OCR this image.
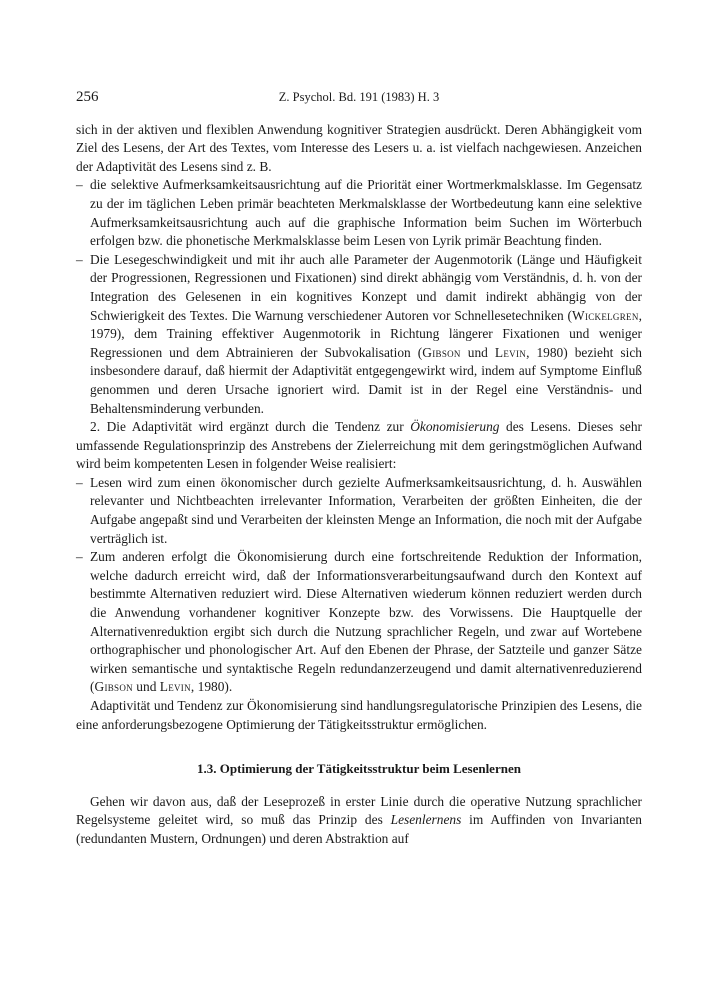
256	Z. Psychol. Bd. 191 (1983) H. 3

sich in der aktiven und flexiblen Anwendung kognitiver Strategien ausdrückt. Deren Abhängigkeit vom Ziel des Lesens, der Art des Textes, vom Interesse des Lesers u. a. ist vielfach nachgewiesen. Anzeichen der Adaptivität des Lesens sind z. B.

– die selektive Aufmerksamkeitsausrichtung auf die Priorität einer Wortmerkmalsklasse. Im Gegensatz zu der im täglichen Leben primär beachteten Merkmalsklasse der Wortbedeutung kann eine selektive Aufmerksamkeitsausrichtung auch auf die graphische Information beim Suchen im Wörterbuch erfolgen bzw. die phonetische Merkmalsklasse beim Lesen von Lyrik primär Beachtung finden.
– Die Lesegeschwindigkeit und mit ihr auch alle Parameter der Augenmotorik (Länge und Häufigkeit der Progressionen, Regressionen und Fixationen) sind direkt abhängig vom Verständnis, d. h. von der Integration des Gelesenen in ein kognitives Konzept und damit indirekt abhängig von der Schwierigkeit des Textes. Die Warnung verschiedener Autoren vor Schnellesetechniken (Wickelgren, 1979), dem Training effektiver Augenmotorik in Richtung längerer Fixationen und weniger Regressionen und dem Abtrainieren der Subvokalisation (Gibson und Levin, 1980) bezieht sich insbesondere darauf, daß hiermit der Adaptivität entgegengewirkt wird, indem auf Symptome Einfluß genommen und deren Ursache ignoriert wird. Damit ist in der Regel eine Verständnis- und Behaltensminderung verbunden.

2. Die Adaptivität wird ergänzt durch die Tendenz zur Ökonomisierung des Lesens. Dieses sehr umfassende Regulationsprinzip des Anstrebens der Zielerreichung mit dem geringstmöglichen Aufwand wird beim kompetenten Lesen in folgender Weise realisiert:

– Lesen wird zum einen ökonomischer durch gezielte Aufmerksamkeitsausrichtung, d. h. Auswählen relevanter und Nichtbeachten irrelevanter Information, Verarbeiten der größten Einheiten, die der Aufgabe angepaßt sind und Verarbeiten der kleinsten Menge an Information, die noch mit der Aufgabe verträglich ist.
– Zum anderen erfolgt die Ökonomisierung durch eine fortschreitende Reduktion der Information, welche dadurch erreicht wird, daß der Informationsverarbeitungsaufwand durch den Kontext auf bestimmte Alternativen reduziert wird. Diese Alternativen wiederum können reduziert werden durch die Anwendung vorhandener kognitiver Konzepte bzw. des Vorwissens. Die Hauptquelle der Alternativenreduktion ergibt sich durch die Nutzung sprachlicher Regeln, und zwar auf Wortebene orthographischer und phonologischer Art. Auf den Ebenen der Phrase, der Satzteile und ganzer Sätze wirken semantische und syntaktische Regeln redundanzerzeugend und damit alternativenreduzierend (Gibson und Levin, 1980).

Adaptivität und Tendenz zur Ökonomisierung sind handlungsregulatorische Prinzipien des Lesens, die eine anforderungsbezogene Optimierung der Tätigkeitsstruktur ermöglichen.

1.3. Optimierung der Tätigkeitsstruktur beim Lesenlernen

Gehen wir davon aus, daß der Leseprozeß in erster Linie durch die operative Nutzung sprachlicher Regelsysteme geleitet wird, so muß das Prinzip des Lesenlernens im Auffinden von Invarianten (redundanten Mustern, Ordnungen) und deren Abstraktion auf
